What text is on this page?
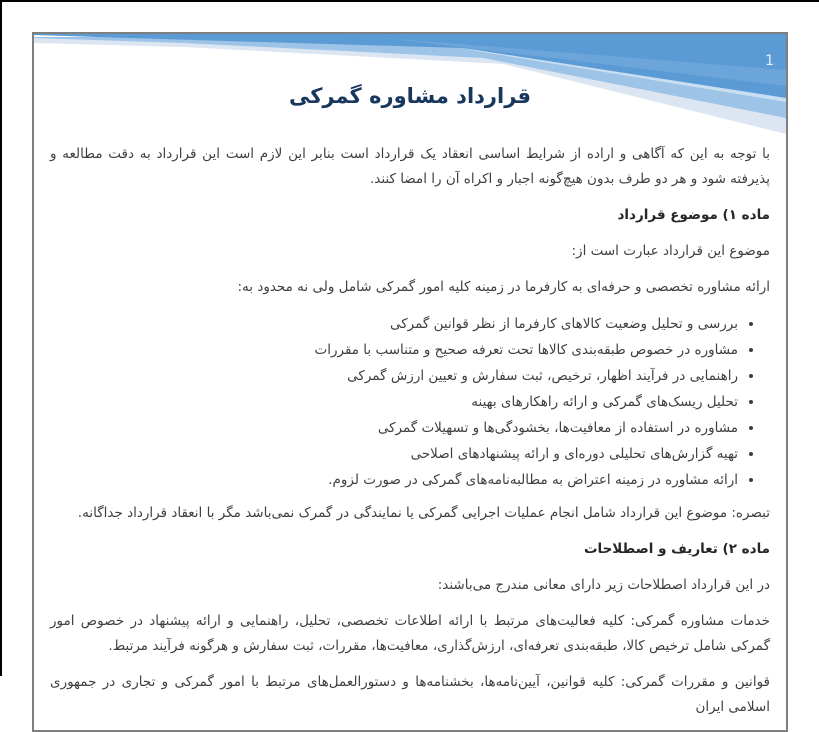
1
قرارداد مشاوره گمرکی

با توجه به این که آگاهی و اراده از شرایط اساسی انعقاد یک قرارداد است بنابر این لازم است این قرارداد به دقت مطالعه و پذیرفته شود و هر دو طرف بدون هیچ‌گونه اجبار و اکراه آن را امضا کنند.

ماده ۱) موضوع قرارداد

موضوع این قرارداد عبارت است از:

ارائه مشاوره تخصصی و حرفه‌ای به کارفرما در زمینه کلیه امور گمرکی شامل ولی نه محدود به:

• بررسی و تحلیل وضعیت کالاهای کارفرما از نظر قوانین گمرکی
• مشاوره در خصوص طبقه‌بندی کالاها تحت تعرفه صحیح و متناسب با مقررات
• راهنمایی در فرآیند اظهار، ترخیص، ثبت سفارش و تعیین ارزش گمرکی
• تحلیل ریسک‌های گمرکی و ارائه راهکارهای بهینه
• مشاوره در استفاده از معافیت‌ها، بخشودگی‌ها و تسهیلات گمرکی
• تهیه گزارش‌های تحلیلی دوره‌ای و ارائه پیشنهادهای اصلاحی
• ارائه مشاوره در زمینه اعتراض به مطالبه‌نامه‌های گمرکی در صورت لزوم.

تبصره: موضوع این قرارداد شامل انجام عملیات اجرایی گمرکی یا نمایندگی در گمرک نمی‌باشد مگر با انعقاد قرارداد جداگانه.

ماده ۲) تعاریف و اصطلاحات

در این قرارداد اصطلاحات زیر دارای معانی مندرج می‌باشند:

خدمات مشاوره گمرکی: کلیه فعالیت‌های مرتبط با ارائه اطلاعات تخصصی، تحلیل، راهنمایی و ارائه پیشنهاد در خصوص امور گمرکی شامل ترخیص کالا، طبقه‌بندی تعرفه‌ای، ارزش‌گذاری، معافیت‌ها، مقررات، ثبت سفارش و هرگونه فرآیند مرتبط.

قوانین و مقررات گمرکی: کلیه قوانین، آیین‌نامه‌ها، بخشنامه‌ها و دستورالعمل‌های مرتبط با امور گمرکی و تجاری در جمهوری اسلامی ایران
